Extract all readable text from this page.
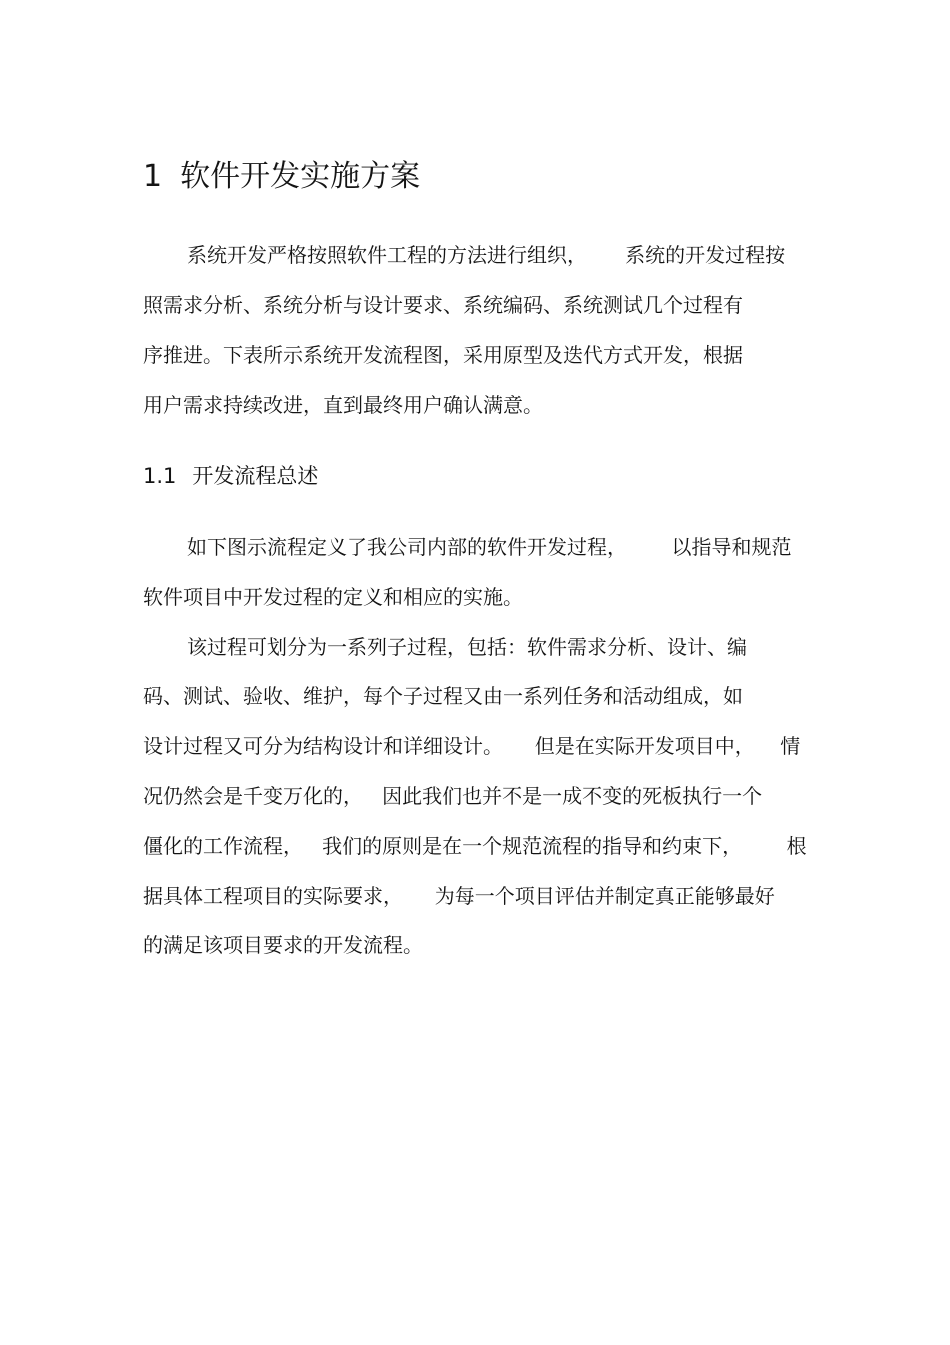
1 软件开发实施方案

系统开发严格按照软件工程的方法进行组织，      系统的开发过程按

照需求分析、系统分析与设计要求、系统编码、系统测试几个过程有

序推进。下表所示系统开发流程图，采用原型及迭代方式开发，根据

用户需求持续改进，直到最终用户确认满意。

1.1 开发流程总述

如下图示流程定义了我公司内部的软件开发过程，       以指导和规范

软件项目中开发过程的定义和相应的实施。

该过程可划分为一系列子过程，包括：软件需求分析、设计、编

码、测试、验收、维护，每个子过程又由一系列任务和活动组成，如

设计过程又可分为结构设计和详细设计。     但是在实际开发项目中，    情

况仍然会是千变万化的，   因此我们也并不是一成不变的死板执行一个

僵化的工作流程，   我们的原则是在一个规范流程的指导和约束下，       根

据具体工程项目的实际要求，     为每一个项目评估并制定真正能够最好

的满足该项目要求的开发流程。
